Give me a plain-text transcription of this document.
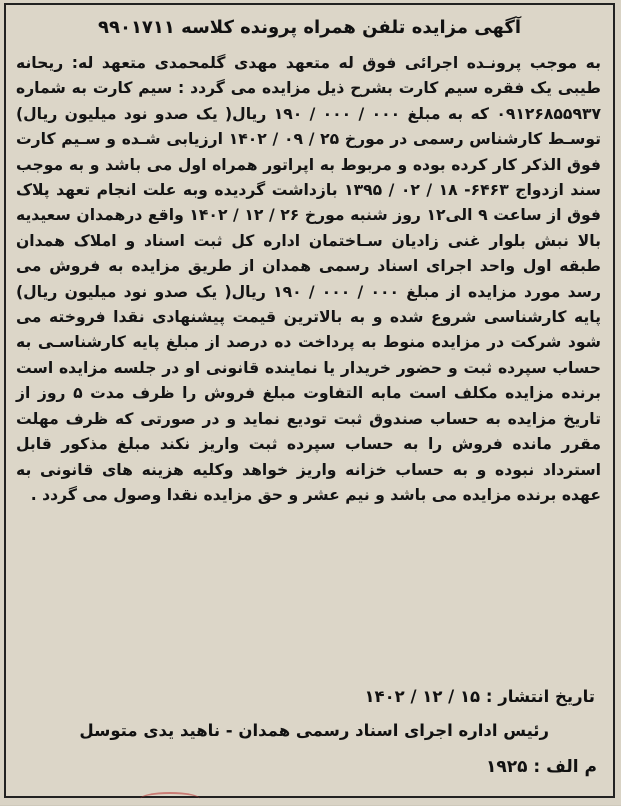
آگهی مزایده تلفن همراه پرونده کلاسه ۹۹۰۱۷۱۱

به موجب پرونـده اجرائی فوق له متعهد مهدی گلمحمدی متعهد له: ریحانه طیبی یک فقره سیم کارت بشرح ذیل مزایده می گردد : سیم کارت به شماره ۰۹۱۲۶۸۵۵۹۳۷ که به مبلغ ۰۰۰ / ۰۰۰ / ۱۹۰ ریال( یک صدو نود میلیون ریال) توسـط کارشناس رسمی در مورخ ۲۵ / ۰۹ / ۱۴۰۲ ارزیابی شـده و سـیم کارت فوق الذکر کار کرده بوده و مربوط به اپراتور همراه اول می باشد و به موجب سند ازدواج ۶۴۶۳- ۱۸ / ۰۲ / ۱۳۹۵ بازداشت گردیده وبه علت انجام تعهد پلاک فوق از ساعت ۹ الی۱۲ روز شنبه مورخ ۲۶ / ۱۲ / ۱۴۰۲ واقع درهمدان سعیدیه بالا نبش بلوار غنی زادیان سـاختمان اداره کل ثبت اسناد و املاک همدان طبقه اول واحد اجرای اسناد رسمی همدان از طریق مزایده به فروش می رسد مورد مزایده از مبلغ ۰۰۰ / ۰۰۰ / ۱۹۰ ریال( یک صدو نود میلیون ریال) پایه کارشناسی شروع شده و به بالاترین قیمت پیشنهادی نقدا فروخته می شود شرکت در مزایده منوط به پرداخت ده درصد از مبلغ پایه کارشناسـی به حساب سپرده ثبت و حضور خریدار یا نماینده قانونی او در جلسه مزایده است برنده مزایده مکلف است مابه التفاوت مبلغ فروش را ظرف مدت ۵ روز از تاریخ مزایده به حساب صندوق ثبت تودیع نماید و در صورتی که ظرف مهلت مقرر مانده فروش را به حساب سپرده ثبت واریز نکند مبلغ مذکور قابل استرداد نبوده و به حساب خزانه واریز خواهد وکلیه هزینه های قانونی به عهده برنده مزایده می باشد و نیم عشر و حق مزایده نقدا وصول می گردد .

تاریخ انتشار : ۱۵ / ۱۲ / ۱۴۰۲
رئیس اداره اجرای اسناد رسمی همدان - ناهید یدی متوسل
م الف : ۱۹۲۵
